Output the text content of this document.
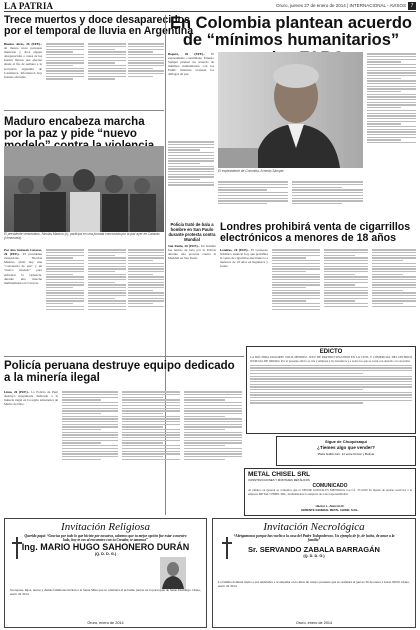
LA PATRIA	Oruro, jueves 27 de enero de 2014 | INTERNACIONAL - AVISOS 7
Trece muertos y doce desaparecidos por el temporal de lluvia en Argentina
Buenos Aires, 26 (EFE).- Al menos trece personas murieron y doce siguen desaparecidas a causa de las fuertes lluvias que afectan desde el fin de semana a la provincia argentina de Catamarca, informaron hoy fuentes oficiales.
Maduro encabeza marcha por la paz y pide “nuevo
El presidente venezolano, Nicolás Maduro (c), participa en una jornada convocada por la paz ayer en Caracas (Venezuela).
Por Ana Guzmán Caracas, 26 (EFE).- El presidente venezolano, Nicolás Maduro, pidió hoy una “conciencia de paz” y un “nuevo modelo” para enfrentar la violencia, durante una marcha multitudinaria en Caracas.
En Colombia plantean acuerdo de “mínimos humanitarios”
Bogotá, 26 (EFE).- El expresidente colombiano Ernesto Samper planteó un acuerdo de mínimos humanitarios con las FARC mientras avanzan los diálogos de paz.
El expresidente de Colombia, Ernesto Samper.
Policía trató de bala a hombre en San Paulo durante protesta contra Mundial
San Paulo, 26 (EFE).- Un hombre fue herido de bala por la Policía durante una protesta contra el Mundial en San Paulo.
Londres prohibirá venta de cigarrillos electrónicos a menores de 18 años
Londres, 26 (EFE).- El Gobierno británico anunció hoy que prohibirá la venta de cigarrillos electrónicos a menores de 18 años en Inglaterra y Gales.
EDICTO
LA DOCTORA DOLORES SOLIS MENDEZ, JUEZ DE PARTIDO SEGUNDO EN LO CIVIL Y COMERCIAL DEL DISTRITO JUDICIAL DE ORURO. Por el presente edicto se cita y emplaza a los herederos y a todos los que se crean con derecho a la sucesión.
Policía peruana destruye equipo dedicado a la minería ilegal
Lima, 26 (EFE).- La Policía de Perú destruyó maquinaria dedicada a la minería ilegal en la región amazónica de Madre de Dios.
Sigue de Chuquisaqui
¿Tiemes algo que vender?
Plaza Gallito Nro. 11 entre Potosí y Bolívar
METAL CHISEL SRL
CONSTRUCCIONES Y MONTAJES METÁLICOS
COMUNICADO
Al público en general se comunica que el SEÑOR GONZALES MENDOZA con C.I. 3711030 ha dejado de prestar servicios a la empresa METAL CHISEL SRL, deslindándose la empresa de toda responsabilidad.
Héctor L. Alarcón R.
GERENTE GENERAL METAL CHISEL S.R.L.
Invitación Religiosa
Querido papá: “Gracias por todo lo que hiciste por nosotros, sabemos que tu mejor opción fue estar a nuestro lado, hoy te vas al encuentro con tu Creador, te amamos”
Ing. MARIO HUGO SAHONERO DURÁN
(Q. D. D. G.)
Su esposa, hijos, nietos y demás familiares invitan a la Santa Misa que se celebrará el próximo jueves en la parroquia de Santo Domingo. Oruro, enero de 2014
Oruro, enero de 2014
Invitación Necrológica
“Abrígamonos porque has vuelto a la casa del Padre Todopoderoso. Un ejemplo de fe, de lucha, de amor a la familia”
Sr. SERVANDO ZABALA BARRAGÁN
(Q. D. D. G.)
La familia doliente invita a sus amistades a acompañar en la misa de cuerpo presente que se realizará el jueves 30 de enero a horas 09:00. Oruro, enero de 2014
Oruro, enero de 2014
